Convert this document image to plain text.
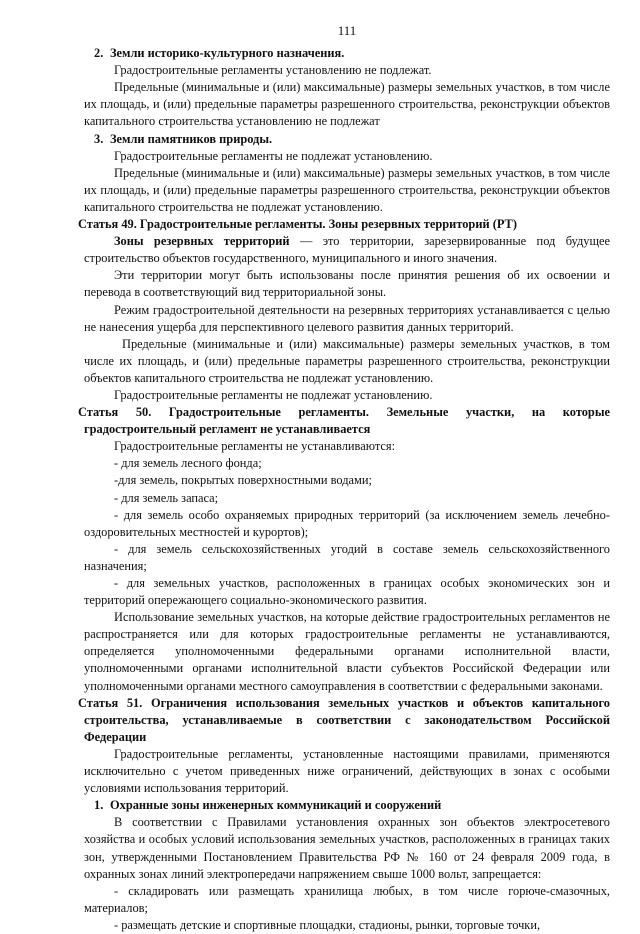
111

2. Земли историко-культурного назначения.

Градостроительные регламенты установлению не подлежат.

Предельные (минимальные и (или) максимальные) размеры земельных участков, в том числе их площадь, и (или) предельные параметры разрешенного строительства, реконструкции объектов капитального строительства установлению не подлежат

3. Земли памятников природы.

Градостроительные регламенты не подлежат установлению.

Предельные (минимальные и (или) максимальные) размеры земельных участков, в том числе их площадь, и (или) предельные параметры разрешенного строительства, реконструкции объектов капитального строительства не подлежат установлению.

Статья 49. Градостроительные регламенты. Зоны резервных территорий (РТ)

Зоны резервных территорий — это территории, зарезервированные под будущее строительство объектов государственного, муниципального и иного значения.

Эти территории могут быть использованы после принятия решения об их освоении и перевода в соответствующий вид территориальной зоны.

Режим градостроительной деятельности на резервных территориях устанавливается с целью не нанесения ущерба для перспективного целевого развития данных территорий.

Предельные (минимальные и (или) максимальные) размеры земельных участков, в том числе их площадь, и (или) предельные параметры разрешенного строительства, реконструкции объектов капитального строительства не подлежат установлению.

Градостроительные регламенты не подлежат установлению.

Статья 50. Градостроительные регламенты. Земельные участки, на которые

градостроительный регламент не устанавливается

Градостроительные регламенты не устанавливаются:

- для земель лесного фонда;

-для земель, покрытых поверхностными водами;

- для земель запаса;

- для земель особо охраняемых природных территорий (за исключением земель лечебно-оздоровительных местностей и курортов);

- для земель сельскохозяйственных угодий в составе земель сельскохозяйственного назначения;

- для земельных участков, расположенных в границах особых экономических зон и территорий опережающего социально-экономического развития.

Использование земельных участков, на которые действие градостроительных регламентов не распространяется или для которых градостроительные регламенты не устанавливаются, определяется уполномоченными федеральными органами исполнительной власти, уполномоченными органами исполнительной власти субъектов Российской Федерации или уполномоченными органами местного самоуправления в соответствии с федеральными законами.

Статья 51. Ограничения использования земельных участков и объектов капитального

строительства, устанавливаемые в соответствии с законодательством Российской

Федерации

Градостроительные регламенты, установленные настоящими правилами, применяются исключительно с учетом приведенных ниже ограничений, действующих в зонах с особыми условиями использования территорий.

1. Охранные зоны инженерных коммуникаций и сооружений

В соответствии с Правилами установления охранных зон объектов электросетевого хозяйства и особых условий использования земельных участков, расположенных в границах таких зон, утвержденными Постановлением Правительства РФ № 160 от 24 февраля 2009 года, в охранных зонах линий электропередачи напряжением свыше 1000 вольт, запрещается:

- складировать или размещать хранилища любых, в том числе горюче-смазочных, материалов;

- размещать детские и спортивные площадки, стадионы, рынки, торговые точки,
